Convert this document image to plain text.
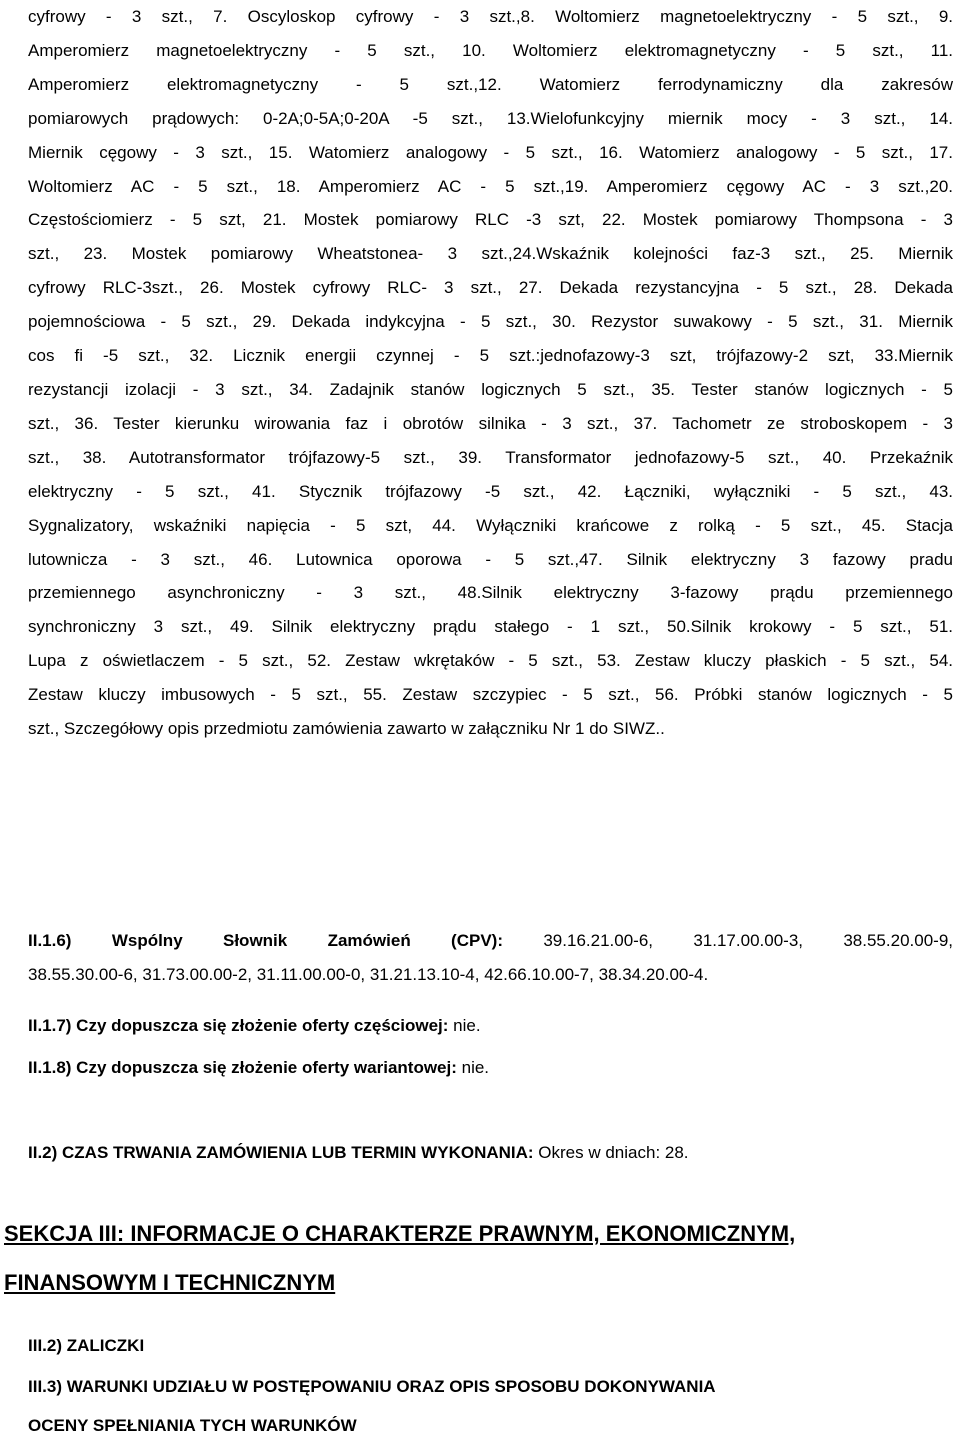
cyfrowy - 3 szt., 7. Oscyloskop cyfrowy - 3 szt.,8. Woltomierz magnetoelektryczny - 5 szt., 9.
Amperomierz magnetoelektryczny - 5 szt., 10. Woltomierz elektromagnetyczny - 5 szt., 11.
Amperomierz elektromagnetyczny - 5 szt.,12. Watomierz ferrodynamiczny dla zakresów
pomiarowych prądowych: 0-2A;0-5A;0-20A -5 szt., 13.Wielofunkcyjny miernik mocy - 3 szt., 14.
Miernik cęgowy - 3 szt., 15. Watomierz analogowy - 5 szt., 16. Watomierz analogowy - 5 szt., 17.
Woltomierz AC - 5 szt., 18. Amperomierz AC - 5 szt.,19. Amperomierz cęgowy AC - 3 szt.,20.
Częstościomierz - 5 szt, 21. Mostek pomiarowy RLC -3 szt, 22. Mostek pomiarowy Thompsona - 3
szt., 23. Mostek pomiarowy Wheatstonea- 3 szt.,24.Wskaźnik kolejności faz-3 szt., 25. Miernik
cyfrowy RLC-3szt., 26. Mostek cyfrowy RLC- 3 szt., 27. Dekada rezystancyjna - 5 szt., 28. Dekada
pojemnościowa - 5 szt., 29. Dekada indykcyjna - 5 szt., 30. Rezystor suwakowy - 5 szt., 31. Miernik
cos fi -5 szt., 32. Licznik energii czynnej - 5 szt.:jednofazowy-3 szt, trójfazowy-2 szt, 33.Miernik
rezystancji izolacji - 3 szt., 34. Zadajnik stanów logicznych 5 szt., 35. Tester stanów logicznych - 5
szt., 36. Tester kierunku wirowania faz i obrotów silnika - 3 szt., 37. Tachometr ze stroboskopem - 3
szt., 38. Autotransformator trójfazowy-5 szt., 39. Transformator jednofazowy-5 szt., 40. Przekaźnik
elektryczny - 5 szt., 41. Stycznik trójfazowy -5 szt., 42. Łączniki, wyłączniki - 5 szt., 43.
Sygnalizatory, wskaźniki napięcia - 5 szt, 44. Wyłączniki krańcowe z rolką - 5 szt., 45. Stacja
lutownicza - 3 szt., 46. Lutownica oporowa - 5 szt.,47. Silnik elektryczny 3 fazowy pradu
przemiennego asynchroniczny - 3 szt., 48.Silnik elektryczny 3-fazowy prądu przemiennego
synchroniczny 3 szt., 49. Silnik elektryczny prądu stałego - 1 szt., 50.Silnik krokowy - 5 szt., 51.
Lupa z oświetlaczem - 5 szt., 52. Zestaw wkrętaków - 5 szt., 53. Zestaw kluczy płaskich - 5 szt., 54.
Zestaw kluczy imbusowych - 5 szt., 55. Zestaw szczypiec - 5 szt., 56. Próbki stanów logicznych - 5
szt., Szczegółowy opis przedmiotu zamówienia zawarto w załączniku Nr 1 do SIWZ..
II.1.6) Wspólny Słownik Zamówień (CPV): 39.16.21.00-6, 31.17.00.00-3, 38.55.20.00-9,
38.55.30.00-6, 31.73.00.00-2, 31.11.00.00-0, 31.21.13.10-4, 42.66.10.00-7, 38.34.20.00-4.

II.1.7) Czy dopuszcza się złożenie oferty częściowej: nie.

II.1.8) Czy dopuszcza się złożenie oferty wariantowej: nie.

II.2) CZAS TRWANIA ZAMÓWIENIA LUB TERMIN WYKONANIA: Okres w dniach: 28.

SEKCJA III: INFORMACJE O CHARAKTERZE PRAWNYM, EKONOMICZNYM,
FINANSOWYM I TECHNICZNYM

III.2) ZALICZKI

III.3) WARUNKI UDZIAŁU W POSTĘPOWANIU ORAZ OPIS SPOSOBU DOKONYWANIA
OCENY SPEŁNIANIA TYCH WARUNKÓW
